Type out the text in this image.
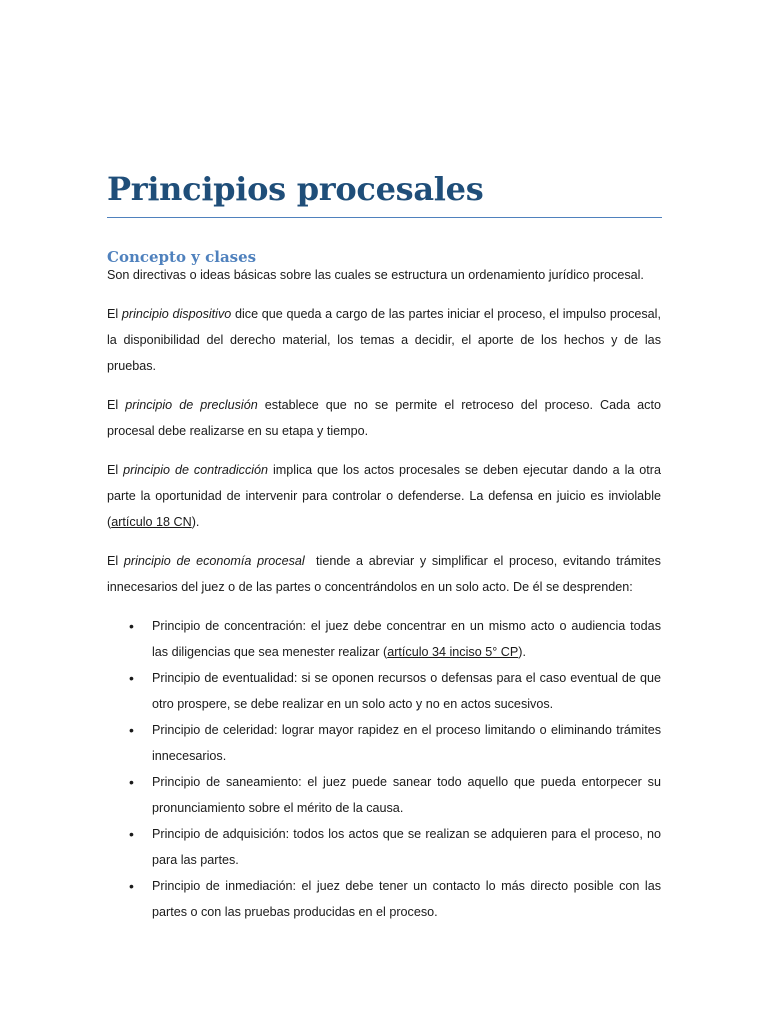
Principios procesales
Concepto y clases

Son directivas o ideas básicas sobre las cuales se estructura un ordenamiento jurídico procesal.

El principio dispositivo dice que queda a cargo de las partes iniciar el proceso, el impulso procesal, la disponibilidad del derecho material, los temas a decidir, el aporte de los hechos y de las pruebas.

El principio de preclusión establece que no se permite el retroceso del proceso. Cada acto procesal debe realizarse en su etapa y tiempo.

El principio de contradicción implica que los actos procesales se deben ejecutar dando a la otra parte la oportunidad de intervenir para controlar o defenderse. La defensa en juicio es inviolable (artículo 18 CN).

El principio de economía procesal  tiende a abreviar y simplificar el proceso, evitando trámites innecesarios del juez o de las partes o concentrándolos en un solo acto. De él se desprenden:

• Principio de concentración: el juez debe concentrar en un mismo acto o audiencia todas las diligencias que sea menester realizar (artículo 34 inciso 5° CP).
• Principio de eventualidad: si se oponen recursos o defensas para el caso eventual de que otro prospere, se debe realizar en un solo acto y no en actos sucesivos.
• Principio de celeridad: lograr mayor rapidez en el proceso limitando o eliminando trámites innecesarios.
• Principio de saneamiento: el juez puede sanear todo aquello que pueda entorpecer su pronunciamiento sobre el mérito de la causa.
• Principio de adquisición: todos los actos que se realizan se adquieren para el proceso, no para las partes.
• Principio de inmediación: el juez debe tener un contacto lo más directo posible con las partes o con las pruebas producidas en el proceso.
